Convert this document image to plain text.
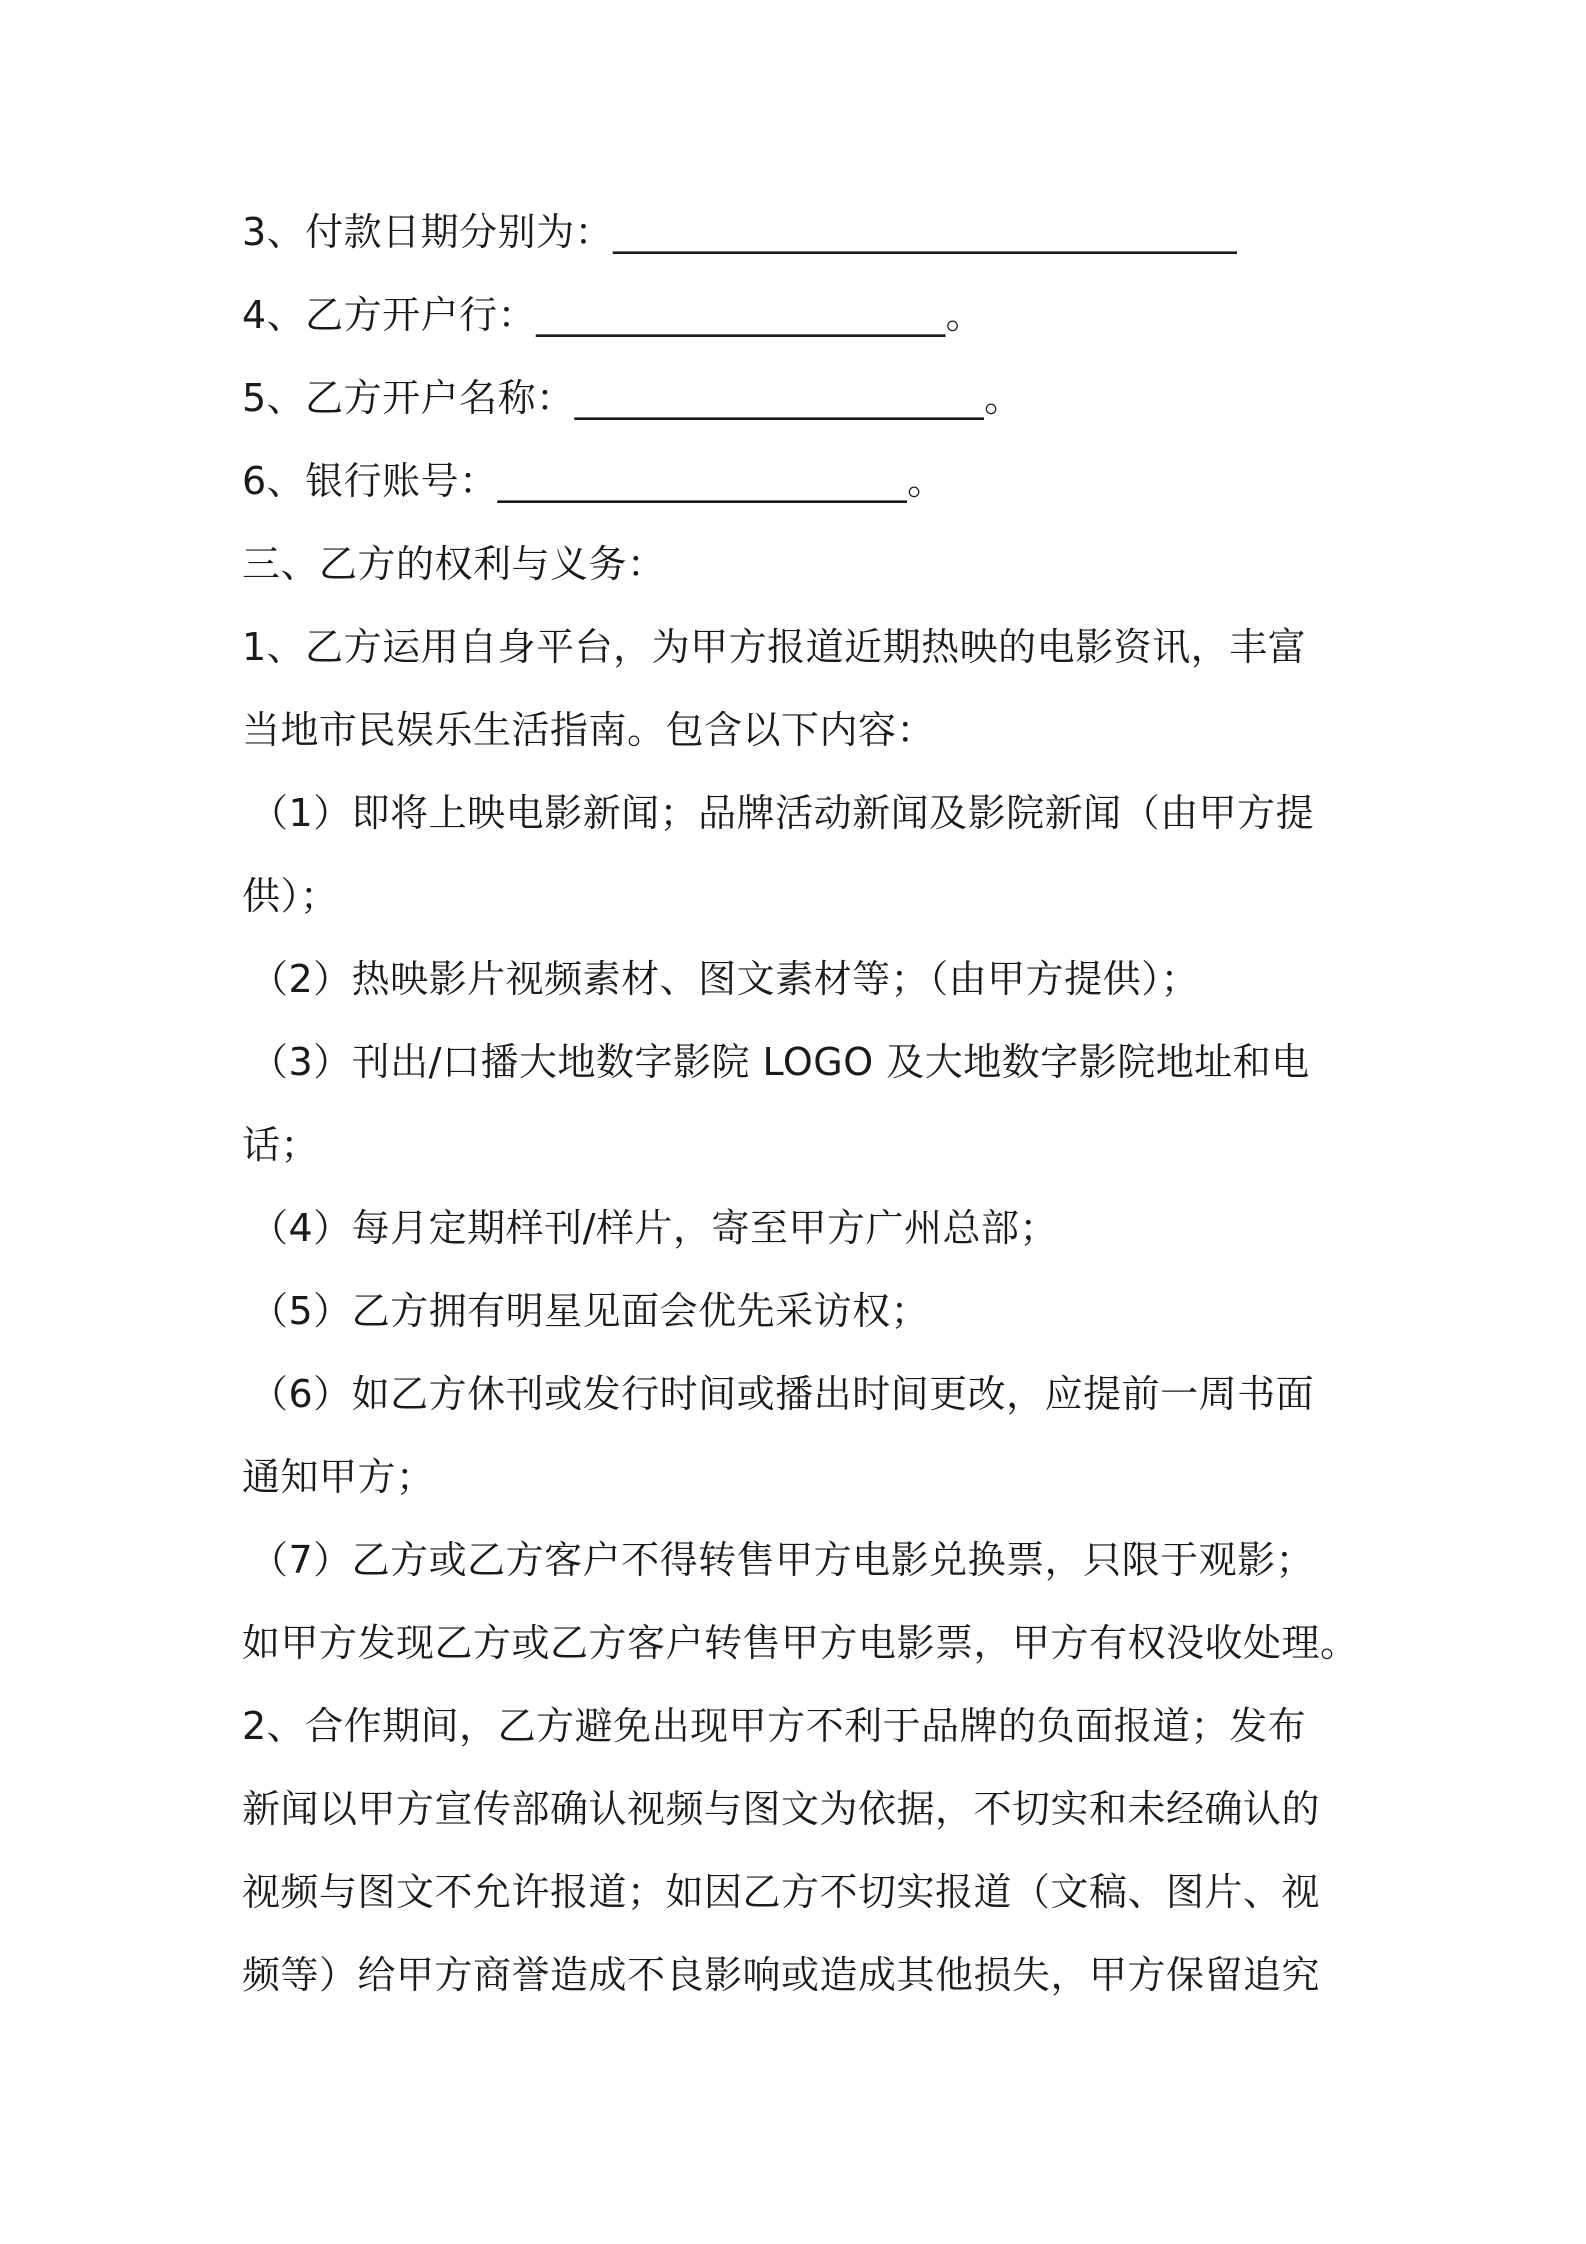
3、付款日期分别为：________________________________
4、乙方开户行：_____________________。
5、乙方开户名称：_____________________。
6、银行账号：_____________________。
三、乙方的权利与义务：
1、乙方运用自身平台，为甲方报道近期热映的电影资讯，丰富
当地市民娱乐生活指南。包含以下内容：
（1）即将上映电影新闻；品牌活动新闻及影院新闻（由甲方提
供）；
（2）热映影片视频素材、图文素材等；（由甲方提供）；
（3）刊出/口播大地数字影院 LOGO 及大地数字影院地址和电
话；
（4）每月定期样刊/样片，寄至甲方广州总部；
（5）乙方拥有明星见面会优先采访权；
（6）如乙方休刊或发行时间或播出时间更改，应提前一周书面
通知甲方；
（7）乙方或乙方客户不得转售甲方电影兑换票，只限于观影；
如甲方发现乙方或乙方客户转售甲方电影票，甲方有权没收处理。
2、合作期间，乙方避免出现甲方不利于品牌的负面报道；发布
新闻以甲方宣传部确认视频与图文为依据，不切实和未经确认的
视频与图文不允许报道；如因乙方不切实报道（文稿、图片、视
频等）给甲方商誉造成不良影响或造成其他损失，甲方保留追究
